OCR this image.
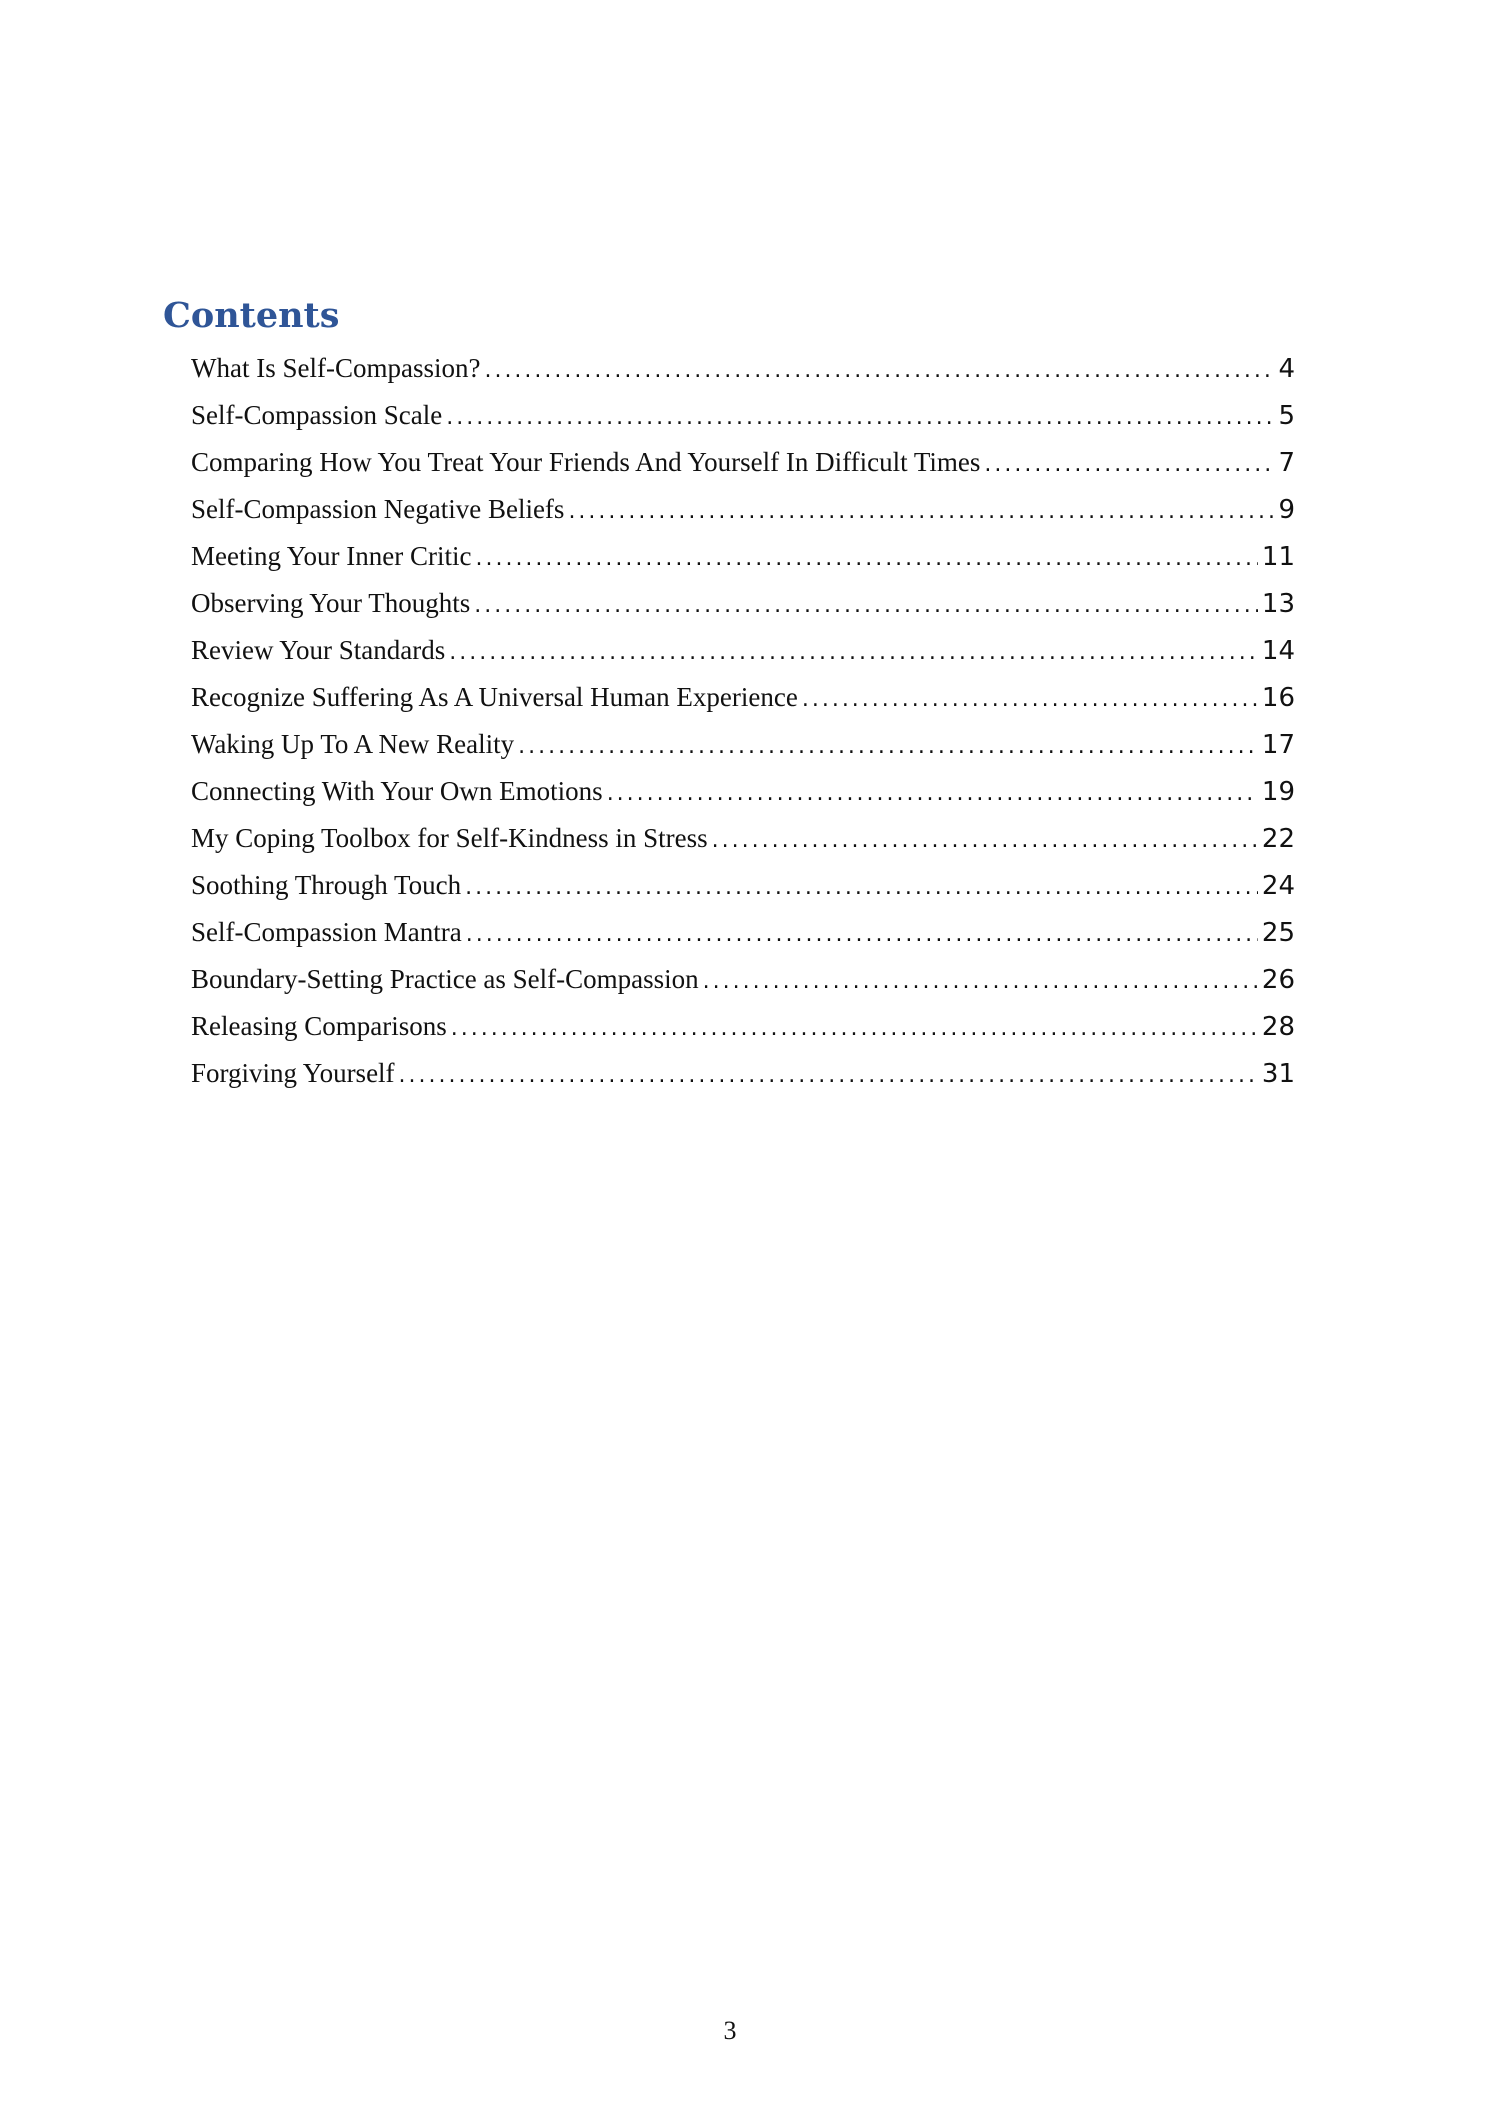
Contents
What Is Self-Compassion? .....	4
Self-Compassion Scale .....	5
Comparing How You Treat Your Friends And Yourself In Difficult Times .....	7
Self-Compassion Negative Beliefs .....	9
Meeting Your Inner Critic .....	11
Observing Your Thoughts .....	13
Review Your Standards .....	14
Recognize Suffering As A Universal Human Experience .....	16
Waking Up To A New Reality .....	17
Connecting With Your Own Emotions .....	19
My Coping Toolbox for Self-Kindness in Stress .....	22
Soothing Through Touch .....	24
Self-Compassion Mantra .....	25
Boundary-Setting Practice as Self-Compassion .....	26
Releasing Comparisons .....	28
Forgiving Yourself .....	31
3
